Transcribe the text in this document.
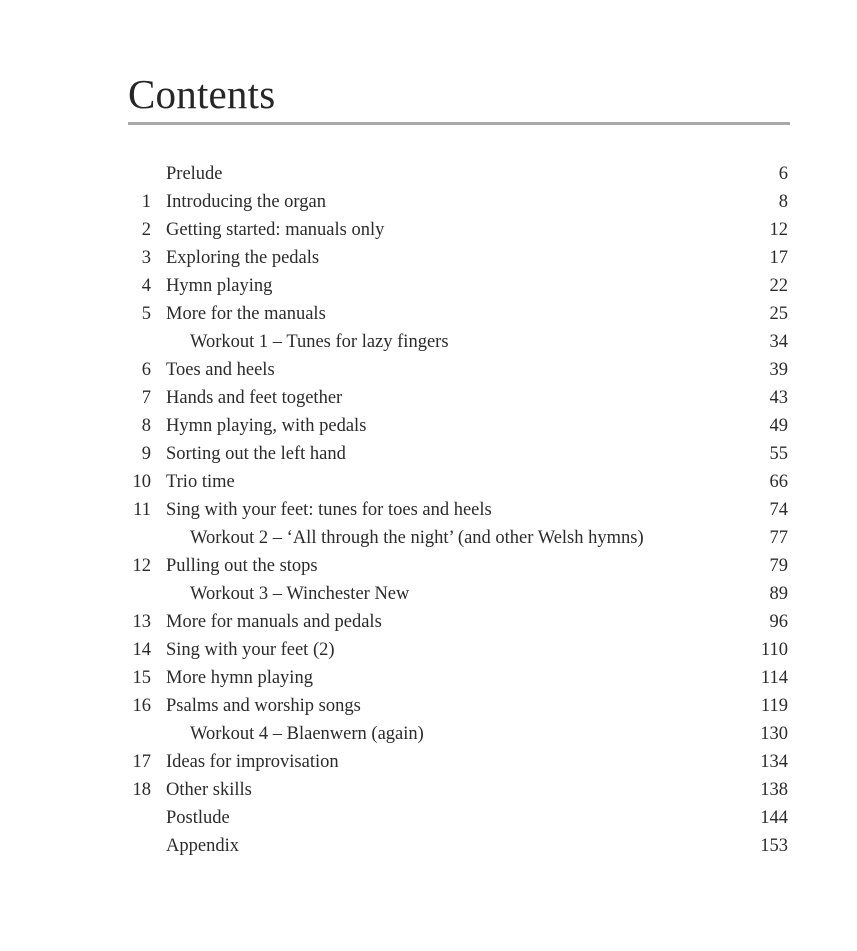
Contents
Prelude	6
1 Introducing the organ	8
2 Getting started: manuals only	12
3 Exploring the pedals	17
4 Hymn playing	22
5 More for the manuals	25
Workout 1 – Tunes for lazy fingers	34
6 Toes and heels	39
7 Hands and feet together	43
8 Hymn playing, with pedals	49
9 Sorting out the left hand	55
10 Trio time	66
11 Sing with your feet: tunes for toes and heels	74
Workout 2 – ‘All through the night’ (and other Welsh hymns)	77
12 Pulling out the stops	79
Workout 3 – Winchester New	89
13 More for manuals and pedals	96
14 Sing with your feet (2)	110
15 More hymn playing	114
16 Psalms and worship songs	119
Workout 4 – Blaenwern (again)	130
17 Ideas for improvisation	134
18 Other skills	138
Postlude	144
Appendix	153
